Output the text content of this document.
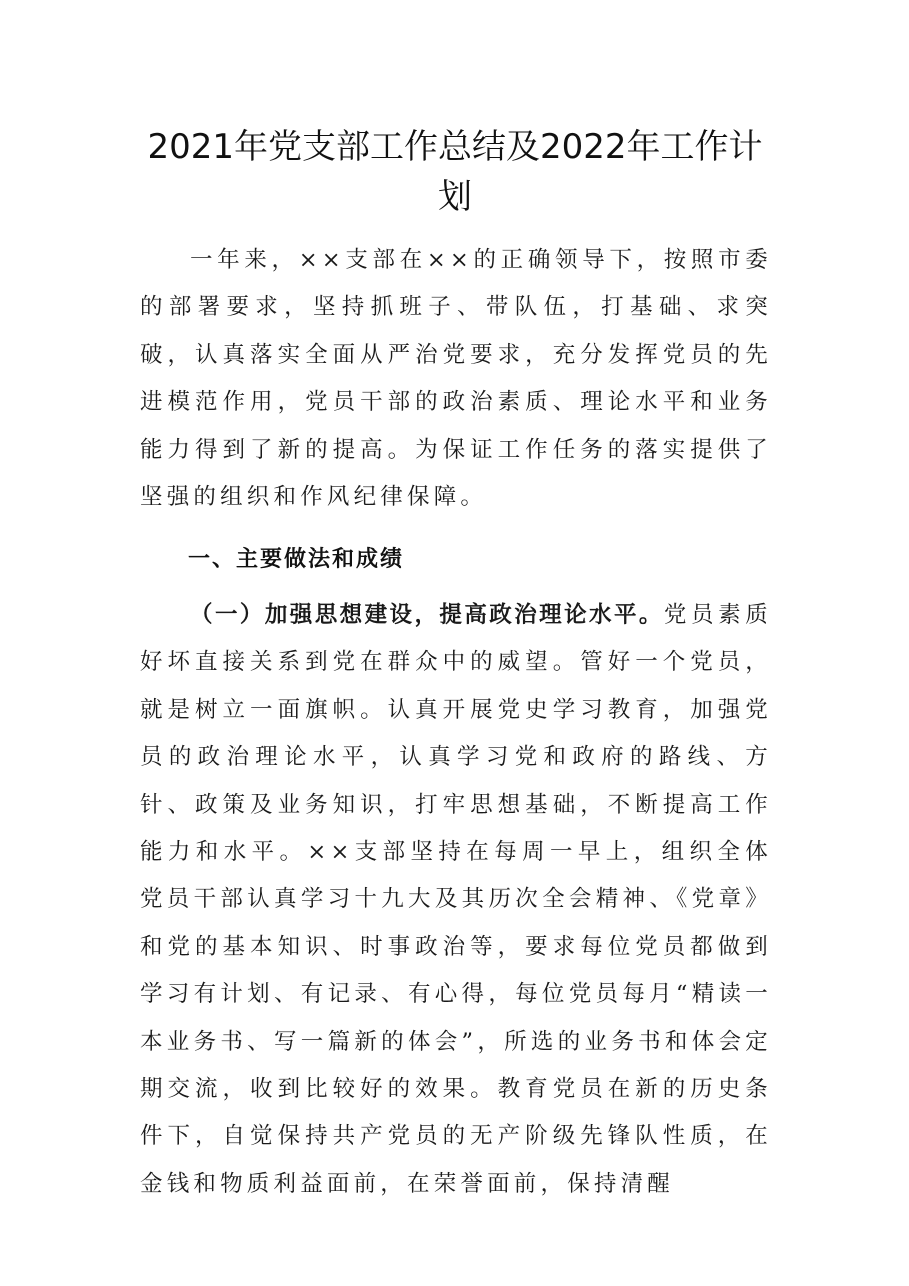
2021年党支部工作总结及2022年工作计划

一年来，××支部在××的正确领导下，按照市委的部署要求，坚持抓班子、带队伍，打基础、求突破，认真落实全面从严治党要求，充分发挥党员的先进模范作用，党员干部的政治素质、理论水平和业务能力得到了新的提高。为保证工作任务的落实提供了坚强的组织和作风纪律保障。

一、主要做法和成绩

（一）加强思想建设，提高政治理论水平。党员素质好坏直接关系到党在群众中的威望。管好一个党员，就是树立一面旗帜。认真开展党史学习教育，加强党员的政治理论水平，认真学习党和政府的路线、方针、政策及业务知识，打牢思想基础，不断提高工作能力和水平。××支部坚持在每周一早上，组织全体党员干部认真学习十九大及其历次全会精神、《党章》和党的基本知识、时事政治等，要求每位党员都做到学习有计划、有记录、有心得，每位党员每月“精读一本业务书、写一篇新的体会”，所选的业务书和体会定期交流，收到比较好的效果。教育党员在新的历史条件下，自觉保持共产党员的无产阶级先锋队性质，在金钱和物质利益面前，在荣誉面前，保持清醒
